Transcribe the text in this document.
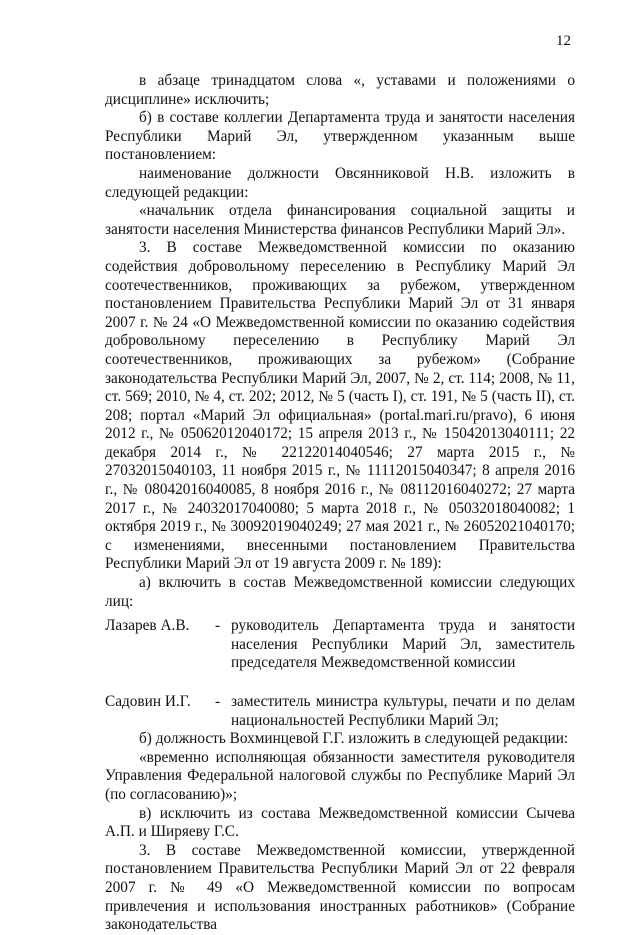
12

в абзаце тринадцатом слова «, уставами и положениями о дисциплине» исключить;

б) в составе коллегии Департамента труда и занятости населения Республики Марий Эл, утвержденном указанным выше постановлением:

наименование должности Овсянниковой Н.В. изложить в следующей редакции:

«начальник отдела финансирования социальной защиты и занятости населения Министерства финансов Республики Марий Эл».

3. В составе Межведомственной комиссии по оказанию содействия добровольному переселению в Республику Марий Эл соотечественников, проживающих за рубежом, утвержденном постановлением Правительства Республики Марий Эл от 31 января 2007 г. № 24 «О Межведомственной комиссии по оказанию содействия добровольному переселению в Республику Марий Эл соотечественников, проживающих за рубежом» (Собрание законодательства Республики Марий Эл, 2007, № 2, ст. 114; 2008, № 11, ст. 569; 2010, № 4, ст. 202; 2012, № 5 (часть I), ст. 191, № 5 (часть II), ст. 208; портал «Марий Эл официальная» (portal.mari.ru/pravo), 6 июня 2012 г., № 05062012040172; 15 апреля 2013 г., № 15042013040111; 22 декабря 2014 г., № 22122014040546; 27 марта 2015 г., № 27032015040103, 11 ноября 2015 г., № 11112015040347; 8 апреля 2016 г., № 08042016040085, 8 ноября 2016 г., № 08112016040272; 27 марта 2017 г., № 24032017040080; 5 марта 2018 г., № 05032018040082; 1 октября 2019 г., № 30092019040249; 27 мая 2021 г., № 26052021040170; с изменениями, внесенными постановлением Правительства Республики Марий Эл от 19 августа 2009 г. № 189):

а) включить в состав Межведомственной комиссии следующих лиц:

Лазарев А.В.	- руководитель Департамента труда и занятости населения Республики Марий Эл, заместитель председателя Межведомственной комиссии
Садовин И.Г.	- заместитель министра культуры, печати и по делам национальностей Республики Марий Эл;

б) должность Вохминцевой Г.Г. изложить в следующей редакции:

«временно исполняющая обязанности заместителя руководителя Управления Федеральной налоговой службы по Республике Марий Эл (по согласованию)»;

в) исключить из состава Межведомственной комиссии Сычева А.П. и Ширяеву Г.С.

3. В составе Межведомственной комиссии, утвержденной постановлением Правительства Республики Марий Эл от 22 февраля 2007 г. № 49 «О Межведомственной комиссии по вопросам привлечения и использования иностранных работников» (Собрание законодательства
